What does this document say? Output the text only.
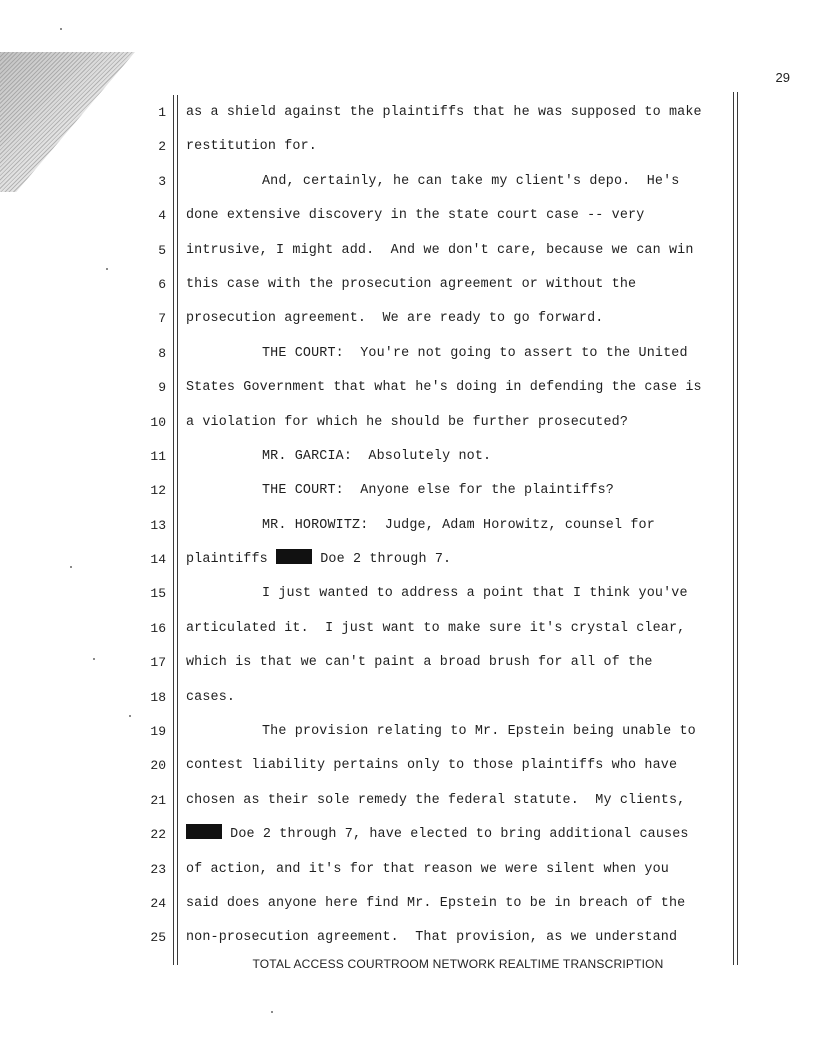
29
1 as a shield against the plaintiffs that he was supposed to make
2 restitution for.
3	And, certainly, he can take my client's depo.  He's
4 done extensive discovery in the state court case -- very
5 intrusive, I might add.  And we don't care, because we can win
6 this case with the prosecution agreement or without the
7 prosecution agreement.  We are ready to go forward.
8	THE COURT:  You're not going to assert to the United
9 States Government that what he's doing in defending the case is
10 a violation for which he should be further prosecuted?
11	MR. GARCIA:  Absolutely not.
12	THE COURT:  Anyone else for the plaintiffs?
13	MR. HOROWITZ:  Judge, Adam Horowitz, counsel for
14 plaintiffs	Doe 2 through 7.
15	I just wanted to address a point that I think you've
16 articulated it.  I just want to make sure it's crystal clear,
17 which is that we can't paint a broad brush for all of the
18 cases.
19	The provision relating to Mr. Epstein being unable to
20 contest liability pertains only to those plaintiffs who have
21 chosen as their sole remedy the federal statute.  My clients,
22	Doe 2 through 7, have elected to bring additional causes
23 of action, and it's for that reason we were silent when you
24 said does anyone here find Mr. Epstein to be in breach of the
25 non-prosecution agreement.  That provision, as we understand
TOTAL ACCESS COURTROOM NETWORK REALTIME TRANSCRIPTION
